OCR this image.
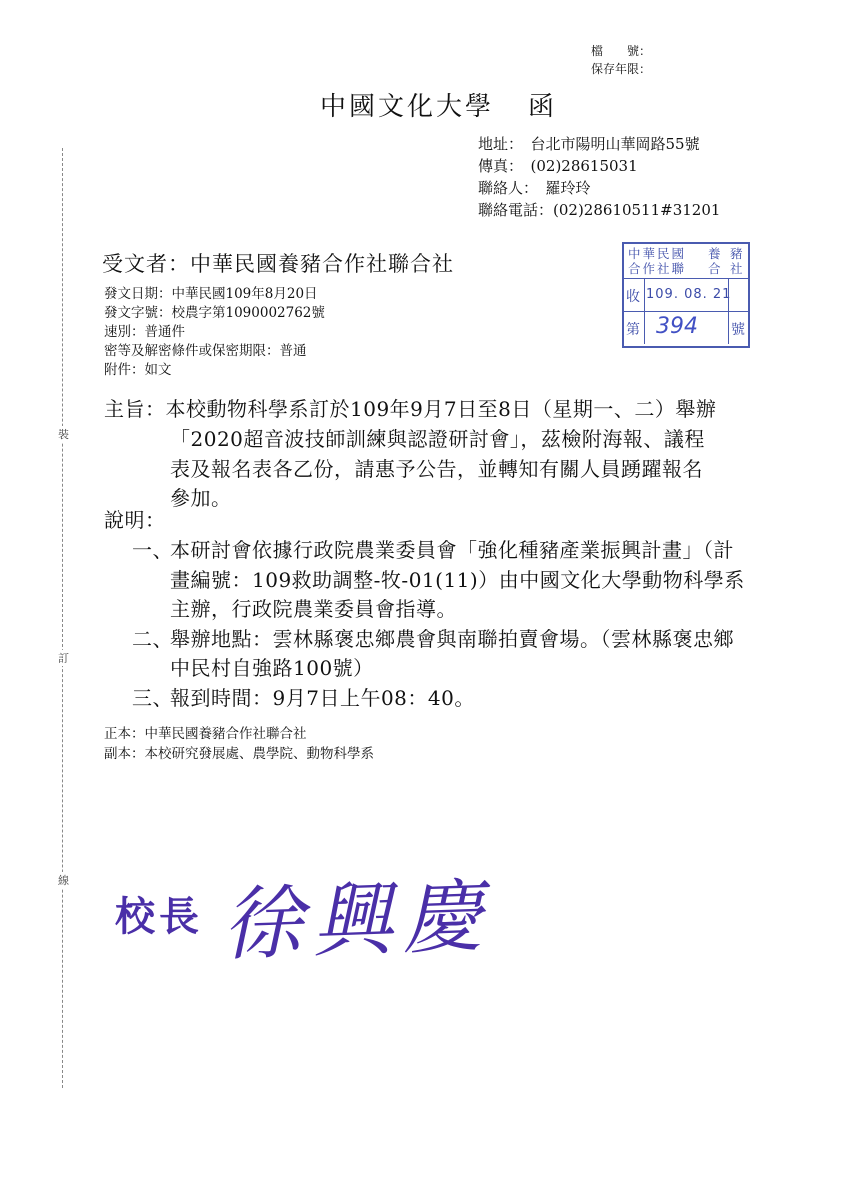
檔　　號：
保存年限：
中國文化大學 函
地址：　台北市陽明山華岡路55號
傳真：　(02)28615031
聯絡人：　羅玲玲
聯絡電話：(02)28610511#31201
中華民國
合作社聯
養
合
豬
社
收 109. 08. 21
第 394 號
裝
訂
線
受文者：中華民國養豬合作社聯合社
發文日期：中華民國109年8月20日
發文字號：校農字第1090002762號
速別：普通件
密等及解密條件或保密期限：普通
附件：如文
主旨：本校動物科學系訂於109年9月7日至8日（星期一、二）舉辦
「2020超音波技師訓練與認證研討會」，茲檢附海報、議程
表及報名表各乙份，請惠予公告，並轉知有關人員踴躍報名
參加。
說明：
一、
本研討會依據行政院農業委員會「強化種豬產業振興計畫」（計
畫編號：109救助調整-牧-01(11)）由中國文化大學動物科學系
主辦，行政院農業委員會指導。
二、
舉辦地點：雲林縣褒忠鄉農會與南聯拍賣會場。（雲林縣褒忠鄉
中民村自強路100號）
三、
報到時間：9月7日上午08：40。
正本：中華民國養豬合作社聯合社
副本：本校研究發展處、農學院、動物科學系
校長 徐興慶
